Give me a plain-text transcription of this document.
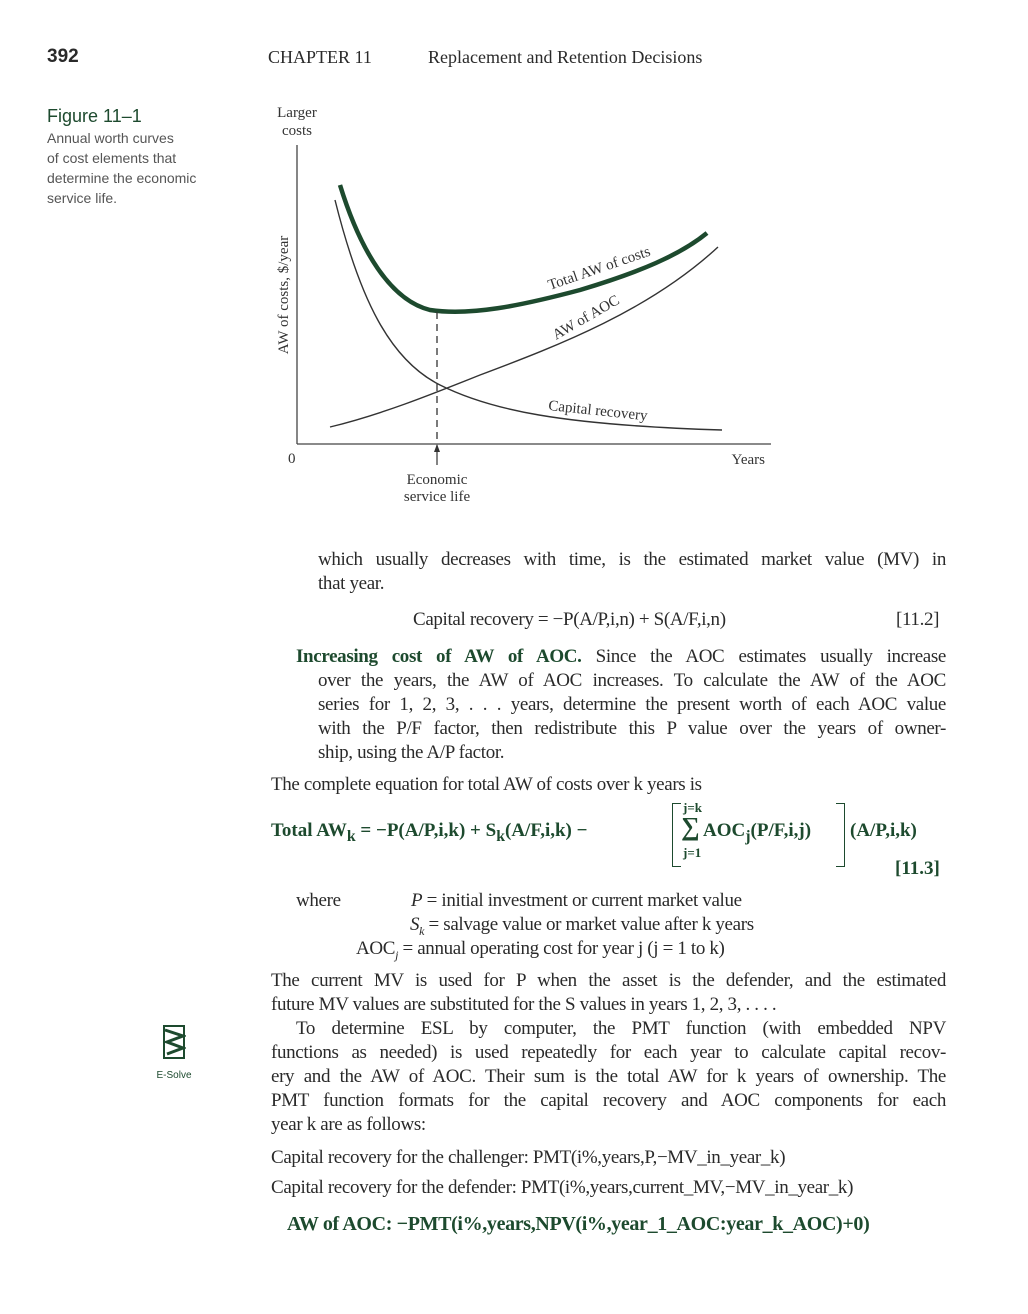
392	CHAPTER 11	Replacement and Retention Decisions
Figure 11–1
Annual worth curves
of cost elements that
determine the economic
service life.
Larger
costs
AW of costs, $/year
0	Years
Economic
service life
Total AW of costs
AW of AOC
Capital recovery
which usually decreases with time, is the estimated market value (MV) in
that year.
Capital recovery = −P(A/P,i,n) + S(A/F,i,n)	[11.2]
Increasing cost of AW of AOC. Since the AOC estimates usually increase
over the years, the AW of AOC increases. To calculate the AW of the AOC
series for 1, 2, 3, . . . years, determine the present worth of each AOC value
with the P/F factor, then redistribute this P value over the years of owner-
ship, using the A/P factor.
The complete equation for total AW of costs over k years is
Total $AW_k = -P(A/P,i,k) + S_k(A/F,i,k)$ −
j=k
∑
j=1
$AOC_j(P/F,i,j)$ (A/P,i,k)
[11.3]
where	P = initial investment or current market value
$S_k$ = salvage value or market value after k years
$AOC_j$ = annual operating cost for year j (j = 1 to k)
The current MV is used for P when the asset is the defender, and the estimated
future MV values are substituted for the S values in years 1, 2, 3, . . . .
To determine ESL by computer, the PMT function (with embedded NPV
functions as needed) is used repeatedly for each year to calculate capital recov-
ery and the AW of AOC. Their sum is the total AW for k years of ownership. The
PMT function formats for the capital recovery and AOC components for each
year k are as follows:
Capital recovery for the challenger: PMT(i%,years,P,−MV_in_year_k)
Capital recovery for the defender: PMT(i%,years,current_MV,−MV_in_year_k)
AW of AOC: −PMT(i%,years,NPV(i%,year_1_AOC:year_k_AOC)+0)

E-Solve
